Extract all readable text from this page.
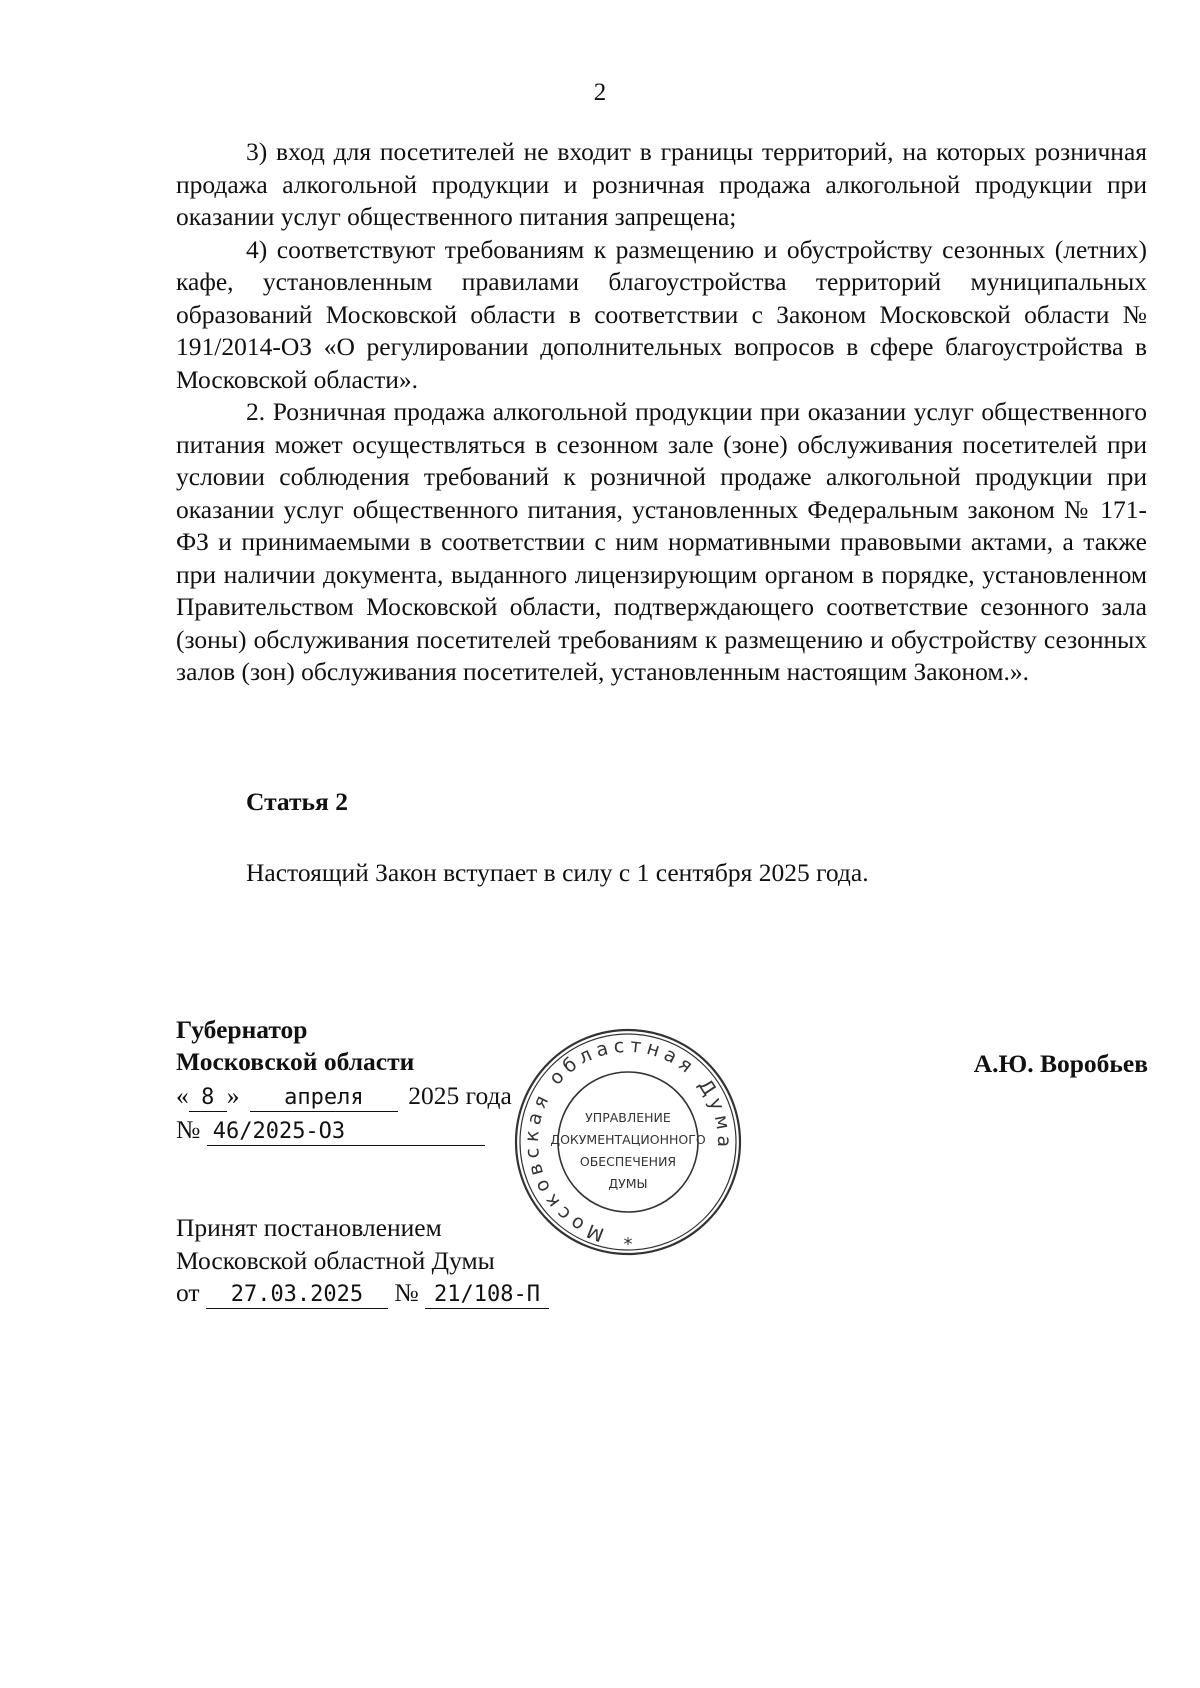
2

3) вход для посетителей не входит в границы территорий, на которых розничная продажа алкогольной продукции и розничная продажа алкогольной продукции при оказании услуг общественного питания запрещена;

4) соответствуют требованиям к размещению и обустройству сезонных (летних) кафе, установленным правилами благоустройства территорий муниципальных образований Московской области в соответствии с Законом Московской области № 191/2014-ОЗ «О регулировании дополнительных вопросов в сфере благоустройства в Московской области».

2. Розничная продажа алкогольной продукции при оказании услуг общественного питания может осуществляться в сезонном зале (зоне) обслуживания посетителей при условии соблюдения требований к розничной продаже алкогольной продукции при оказании услуг общественного питания, установленных Федеральным законом № 171-ФЗ и принимаемыми в соответствии с ним нормативными правовыми актами, а также при наличии документа, выданного лицензирующим органом в порядке, установленном Правительством Московской области, подтверждающего соответствие сезонного зала (зоны) обслуживания посетителей требованиям к размещению и обустройству сезонных залов (зон) обслуживания посетителей, установленным настоящим Законом.».

Статья 2
Настоящий Закон вступает в силу с 1 сентября 2025 года.
Губернатор
Московской области	А.Ю. Воробьев
« 8 » апреля 2025 года
№ 46/2025-ОЗ
Принят постановлением
Московской областной Думы
от 27.03.2025 № 21/108-П
Московская областная Дума
УПРАВЛЕНИЕ
ДОКУМЕНТАЦИОННОГО
ОБЕСПЕЧЕНИЯ
ДУМЫ
*
